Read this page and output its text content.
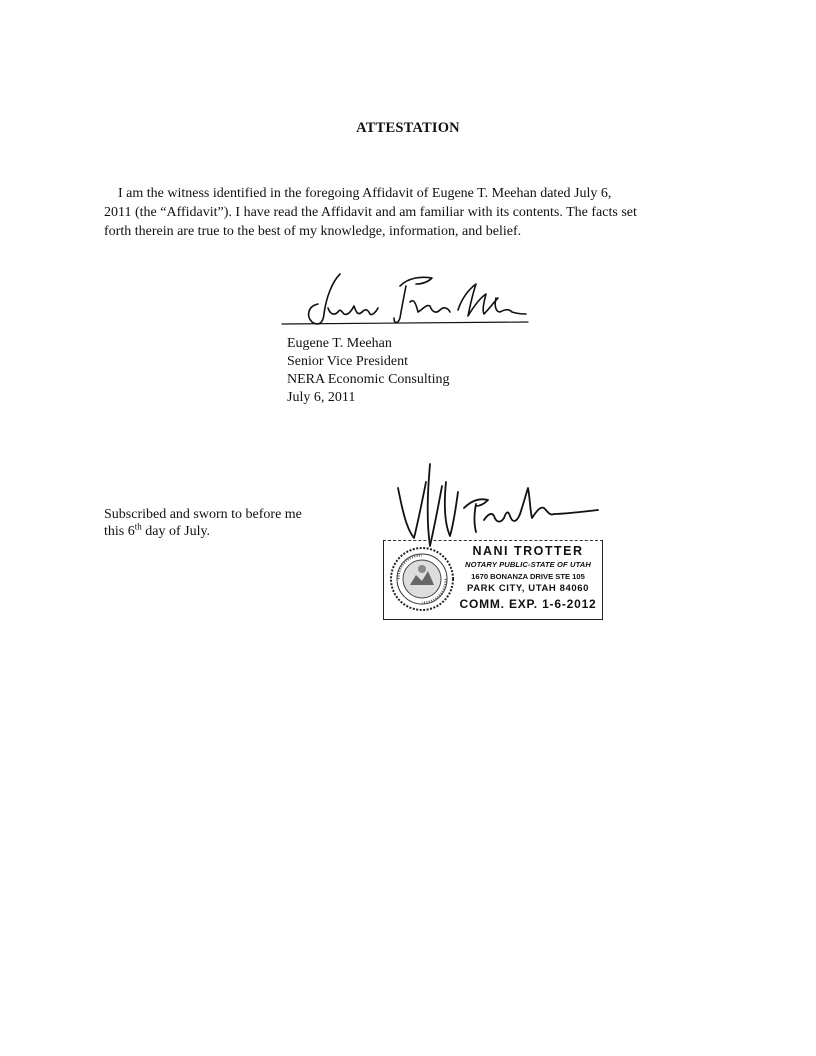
ATTESTATION
I am the witness identified in the foregoing Affidavit of Eugene T. Meehan dated July 6,
2011 (the “Affidavit”). I have read the Affidavit and am familiar with its contents. The facts set
forth therein are true to the best of my knowledge, information, and belief.
Eugene T. Meehan
Senior Vice President
NERA Economic Consulting
July 6, 2011
Subscribed and sworn to before me
this 6th day of July.
NANI TROTTER
NOTARY PUBLIC-STATE OF UTAH
1670 BONANZA DRIVE STE 105
PARK CITY, UTAH 84060
COMM. EXP. 1-6-2012
